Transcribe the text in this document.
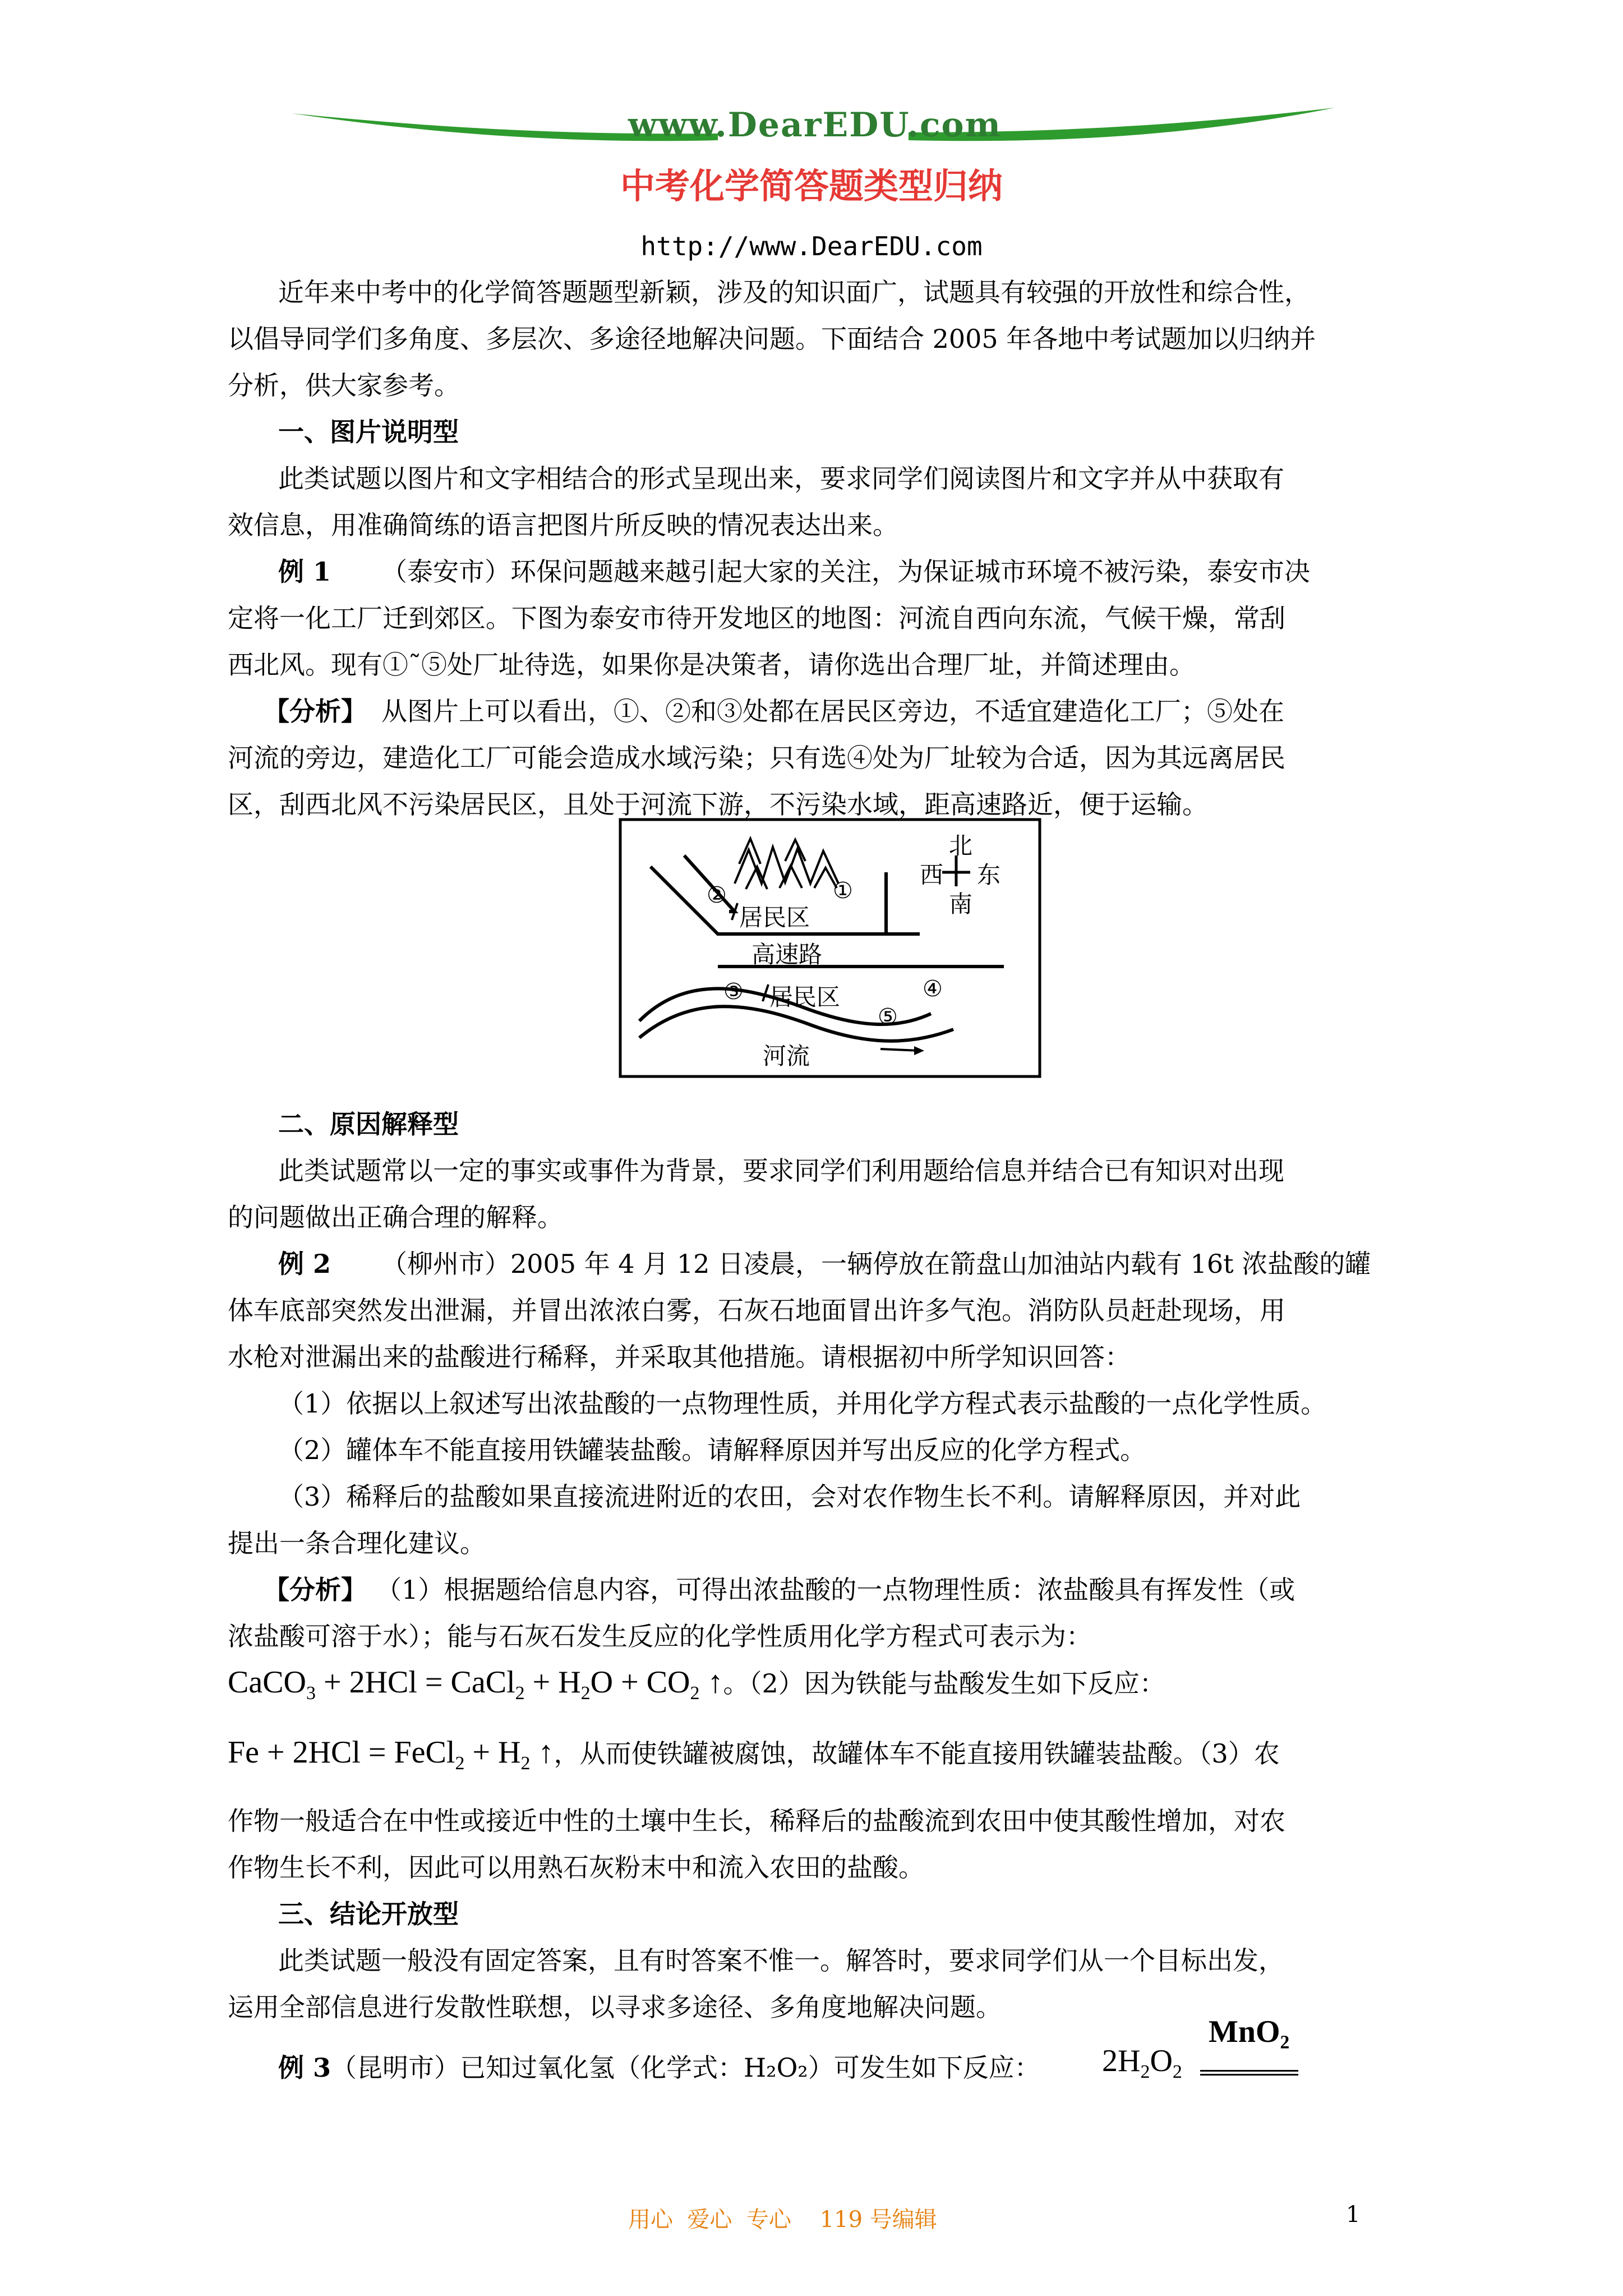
www.DearEDU.com
中考化学简答题类型归纳
http://www.DearEDU.com
近年来中考中的化学简答题题型新颖，涉及的知识面广，试题具有较强的开放性和综合性，
以倡导同学们多角度、多层次、多途径地解决问题。下面结合 2005 年各地中考试题加以归纳并
分析，供大家参考。
一、图片说明型
此类试题以图片和文字相结合的形式呈现出来，要求同学们阅读图片和文字并从中获取有
效信息，用准确简练的语言把图片所反映的情况表达出来。
例 1 （泰安市）环保问题越来越引起大家的关注，为保证城市环境不被污染，泰安市决
定将一化工厂迁到郊区。下图为泰安市待开发地区的地图：河流自西向东流，气候干燥，常刮
西北风。现有①˜⑤处厂址待选，如果你是决策者，请你选出合理厂址，并简述理由。
【分析】 从图片上可以看出，①、②和③处都在居民区旁边，不适宜建造化工厂；⑤处在
河流的旁边，建造化工厂可能会造成水域污染；只有选④处为厂址较为合适，因为其远离居民
区，刮西北风不污染居民区，且处于河流下游，不污染水域，距高速路近，便于运输。
北
西 东
南
①
②
居民区
高速路
③ 居民区	④
⑤
河流
二、原因解释型
此类试题常以一定的事实或事件为背景，要求同学们利用题给信息并结合已有知识对出现
的问题做出正确合理的解释。
例 2 （柳州市）2005 年 4 月 12 日凌晨，一辆停放在箭盘山加油站内载有 16t 浓盐酸的罐
体车底部突然发出泄漏，并冒出浓浓白雾，石灰石地面冒出许多气泡。消防队员赶赴现场，用
水枪对泄漏出来的盐酸进行稀释，并采取其他措施。请根据初中所学知识回答：
（1）依据以上叙述写出浓盐酸的一点物理性质，并用化学方程式表示盐酸的一点化学性质。
（2）罐体车不能直接用铁罐装盐酸。请解释原因并写出反应的化学方程式。
（3）稀释后的盐酸如果直接流进附近的农田，会对农作物生长不利。请解释原因，并对此
提出一条合理化建议。
【分析】 （1）根据题给信息内容，可得出浓盐酸的一点物理性质：浓盐酸具有挥发性（或
浓盐酸可溶于水）；能与石灰石发生反应的化学性质用化学方程式可表示为：
CaCO$_3$ + 2HCl = CaCl$_2$ + $H_2O + CO_2$ ↑。（2）因为铁能与盐酸发生如下反应：
Fe + 2HCl = FeCl$_2$ + $H_2$ ↑，从而使铁罐被腐蚀，故罐体车不能直接用铁罐装盐酸。（3）农
作物一般适合在中性或接近中性的土壤中生长，稀释后的盐酸流到农田中使其酸性增加，对农
作物生长不利，因此可以用熟石灰粉末中和流入农田的盐酸。
三、结论开放型
此类试题一般没有固定答案，且有时答案不惟一。解答时，要求同学们从一个目标出发，
运用全部信息进行发散性联想，以寻求多途径、多角度地解决问题。
例 3（昆明市）已知过氧化氢（化学式：H₂O₂）可发生如下反应： $2H_2O_2$
MnO₂
用心  爱心  专心    119 号编辑	1
